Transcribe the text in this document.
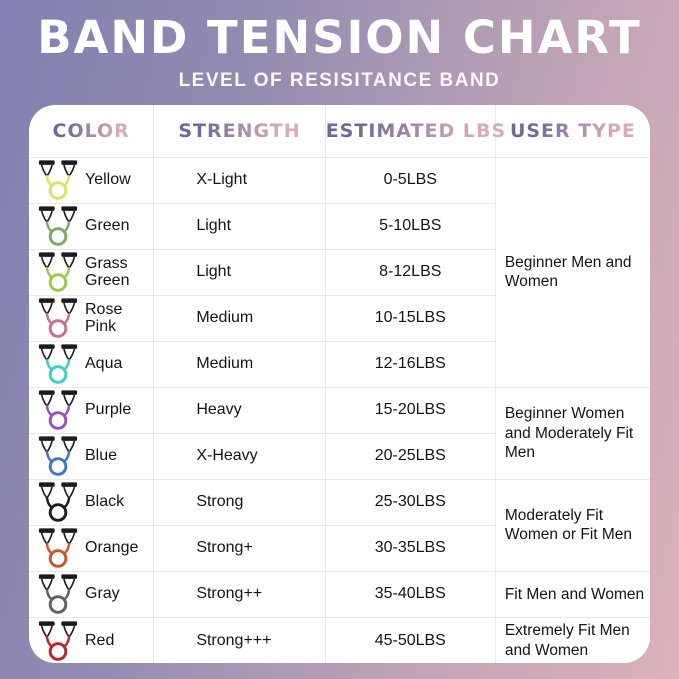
BAND TENSION CHART
LEVEL OF RESISITANCE BAND
COLOR	STRENGTH	ESTIMATED LBS	USER TYPE

Yellow	X-Light	0-5LBS	Beginner Men and Women

Green	Light	5-10LBS	

Grass Green	Light	8-12LBS	

Rose Pink	Medium	10-15LBS	

Aqua	Medium	12-16LBS	

Purple	Heavy	15-20LBS	Beginner Women and Moderately Fit Men

Blue	X-Heavy	20-25LBS	

Black	Strong	25-30LBS	Moderately Fit Women or Fit Men

Orange	Strong+	30-35LBS	

Gray	Strong++	35-40LBS	Fit Men and Women

Red	Strong+++	45-50LBS	Extremely Fit Men and Women
